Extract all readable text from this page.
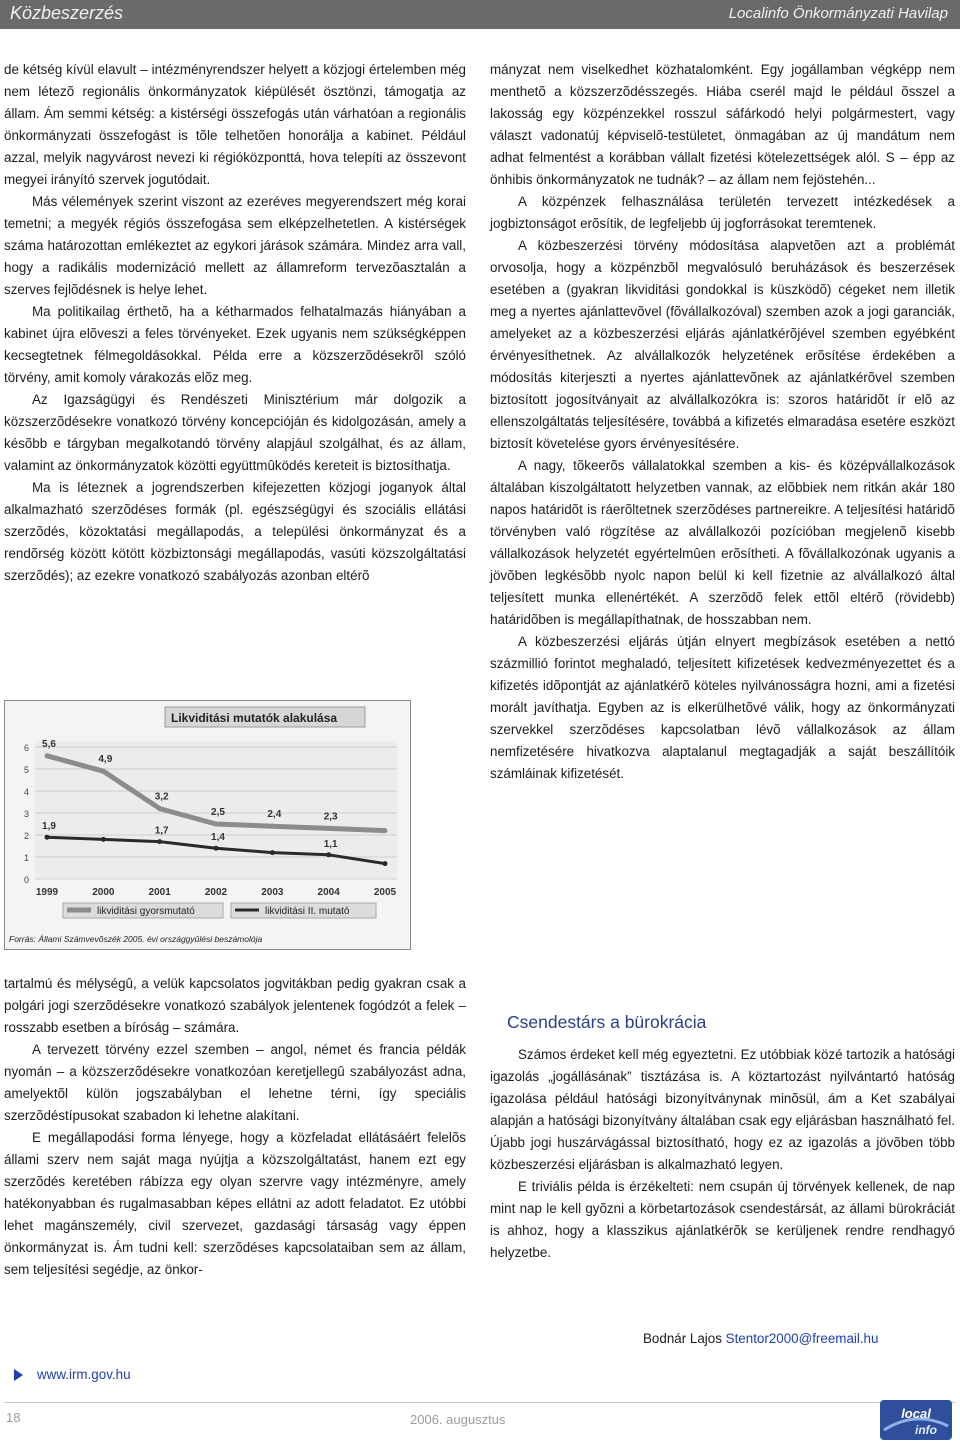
Közbeszerzés	Localinfo Önkormányzati Havilap

de kétség kívül elavult – intézményrendszer helyett a közjogi értelemben még nem létezõ regionális önkormányzatok kiépülését ösztönzi, támogatja az állam. Ám semmi kétség: a kistérségi összefogás után várhatóan a regionális önkormányzati összefogást is tõle telhetõen honorálja a kabinet. Például azzal, melyik nagyvárost nevezi ki régióközponttá, hova telepíti az összevont megyei irányító szervek jogutódait.

Más vélemények szerint viszont az ezeréves megyerendszert még korai temetni; a megyék régiós összefogása sem elképzelhetetlen. A kistérségek száma határozottan emlékeztet az egykori járások számára. Mindez arra vall, hogy a radikális modernizáció mellett az államreform tervezõasztalán a szerves fejlõdésnek is helye lehet.

Ma politikailag érthetõ, ha a kétharmados felhatalmazás hiányában a kabinet újra elõveszi a feles törvényeket. Ezek ugyanis nem szükségképpen kecsegtetnek félmegoldásokkal. Példa erre a közszerzõdésekrõl szóló törvény, amit komoly várakozás elõz meg.

Az Igazságügyi és Rendészeti Minisztérium már dolgozik a közszerzõdésekre vonatkozó törvény koncepcióján és kidolgozásán, amely a késõbb e tárgyban megalkotandó törvény alapjául szolgálhat, és az állam, valamint az önkormányzatok közötti együttmûködés kereteit is biztosíthatja.

Ma is léteznek a jogrendszerben kifejezetten közjogi joganyok által alkalmazható szerzõdéses formák (pl. egészségügyi és szociális ellátási szerzõdés, közoktatási megállapodás, a települési önkormányzat és a rendõrség között kötött közbiztonsági megállapodás, vasúti közszolgáltatási szerzõdés); az ezekre vonatkozó szabályozás azonban eltérõ

Likviditási mutatók alakulása
0
1
2
3
4
5
6
1999	2000	2001	2002	2003	2004	2005
5,6
4,9
3,2
2,5	2,4	2,3
1,9	1,7
1,4
1,1
likviditási gyorsmutató	likviditási II. mutató
Forrás: Állami Számvevõszék 2005. évi országgyûlési beszámolója

tartalmú és mélységû, a velük kapcsolatos jogvitákban pedig gyakran csak a polgári jogi szerzõdésekre vonatkozó szabályok jelentenek fogódzót a felek – rosszabb esetben a bíróság – számára.

A tervezett törvény ezzel szemben – angol, német és francia példák nyomán – a közszerzõdésekre vonatkozóan keretjellegû szabályozást adna, amelyektõl külön jogszabályban el lehetne térni, így speciális szerzõdéstípusokat szabadon ki lehetne alakítani.

E megállapodási forma lényege, hogy a közfeladat ellátásáért felelõs állami szerv nem saját maga nyújtja a közszolgáltatást, hanem ezt egy szerzõdés keretében rábízza egy olyan szervre vagy intézményre, amely hatékonyabban és rugalmasabban képes ellátni az adott feladatot. Ez utóbbi lehet magánszemély, civil szervezet, gazdasági társaság vagy éppen önkormányzat is. Ám tudni kell: szerzõdéses kapcsolataiban sem az állam, sem teljesítési segédje, az önkor-

mányzat nem viselkedhet közhatalomként. Egy jogállamban végképp nem menthetõ a közszerzõdésszegés. Hiába cserél majd le például õsszel a lakosság egy közpénzekkel rosszul sáfárkodó helyi polgármestert, vagy választ vadonatúj képviselõ-testületet, önmagában az új mandátum nem adhat felmentést a korábban vállalt fizetési kötelezettségek alól. S – épp az önhibis önkormányzatok ne tudnák? – az állam nem fejöstehén...

A közpénzek felhasználása területén tervezett intézkedések a jogbiztonságot erõsítik, de legfeljebb új jogforrásokat teremtenek.

A közbeszerzési törvény módosítása alapvetõen azt a problémát orvosolja, hogy a közpénzbõl megvalósuló beruházások és beszerzések esetében a (gyakran likviditási gondokkal is küszködõ) cégeket nem illetik meg a nyertes ajánlattevõvel (fõvállalkozóval) szemben azok a jogi garanciák, amelyeket az a közbeszerzési eljárás ajánlatkérõjével szemben egyébként érvényesíthetnek. Az alvállalkozók helyzetének erõsítése érdekében a módosítás kiterjeszti a nyertes ajánlattevõnek az ajánlatkérõvel szemben biztosított jogosítványait az alvállalkozókra is: szoros határidõt ír elõ az ellenszolgáltatás teljesítésére, továbbá a kifizetés elmaradása esetére eszközt biztosít követelése gyors érvényesítésére.

A nagy, tõkeerõs vállalatokkal szemben a kis- és középvállalkozások általában kiszolgáltatott helyzetben vannak, az elõbbiek nem ritkán akár 180 napos határidõt is ráerõltetnek szerzõdéses partnereikre. A teljesítési határidõ törvényben való rögzítése az alvállalkozói pozícióban megjelenõ kisebb vállalkozások helyzetét egyértelmûen erõsítheti. A fõvállalkozónak ugyanis a jövõben legkésõbb nyolc napon belül ki kell fizetnie az alvállalkozó által teljesített munka ellenértékét. A szerzõdõ felek ettõl eltérõ (rövidebb) határidõben is megállapíthatnak, de hosszabban nem.

A közbeszerzési eljárás útján elnyert megbízások esetében a nettó százmillió forintot meghaladó, teljesített kifizetések kedvezményezettet és a kifizetés idõpontját az ajánlatkérõ köteles nyilvánosságra hozni, ami a fizetési morált javíthatja. Egyben az is elkerülhetõvé válik, hogy az önkormányzati szervekkel szerzõdéses kapcsolatban lévõ vállalkozások az állam nemfizetésére hivatkozva alaptalanul megtagadják a saját beszállítóik számláinak kifizetését.

Csendestárs a bürokrácia

Számos érdeket kell még egyeztetni. Ez utóbbiak közé tartozik a hatósági igazolás „jogállásának” tisztázása is. A köztartozást nyilvántartó hatóság igazolása például hatósági bizonyítványnak minõsül, ám a Ket szabályai alapján a hatósági bizonyítvány általában csak egy eljárásban használható fel. Újabb jogi huszárvágással biztosítható, hogy ez az igazolás a jövõben több közbeszerzési eljárásban is alkalmazható legyen.

E triviális példa is érzékelteti: nem csupán új törvények kellenek, de nap mint nap le kell gyõzni a körbetartozások csendestársát, az állami bürokráciát is ahhoz, hogy a klasszikus ajánlatkérõk se kerüljenek rendre rendhagyó helyzetbe.

Bodnár Lajos Stentor2000@freemail.hu
www.irm.gov.hu
18	2006. augusztus	local
info
